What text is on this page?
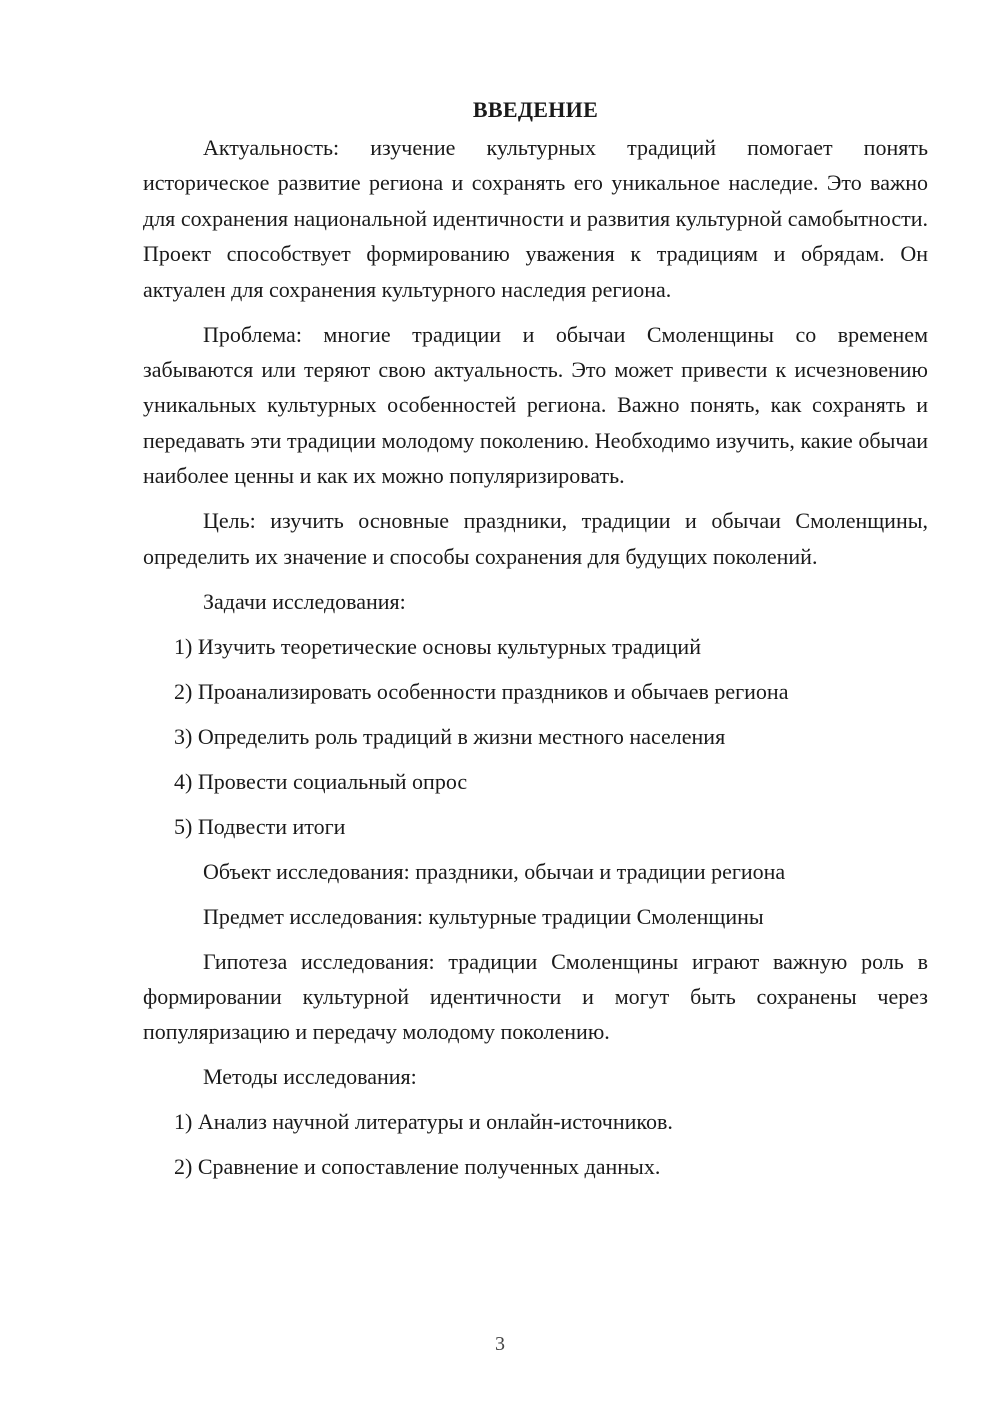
ВВЕДЕНИЕ

Актуальность: изучение культурных традиций помогает понять историческое развитие региона и сохранять его уникальное наследие. Это важно для сохранения национальной идентичности и развития культурной самобытности. Проект способствует формированию уважения к традициям и обрядам. Он актуален для сохранения культурного наследия региона.

Проблема: многие традиции и обычаи Смоленщины со временем забываются или теряют свою актуальность. Это может привести к исчезновению уникальных культурных особенностей региона. Важно понять, как сохранять и передавать эти традиции молодому поколению. Необходимо изучить, какие обычаи наиболее ценны и как их можно популяризировать.

Цель: изучить основные праздники, традиции и обычаи Смоленщины, определить их значение и способы сохранения для будущих поколений.

Задачи исследования:
1) Изучить теоретические основы культурных традиций
2) Проанализировать особенности праздников и обычаев региона
3) Определить роль традиций в жизни местного населения
4) Провести социальный опрос
5) Подвести итоги
Объект исследования: праздники, обычаи и традиции региона
Предмет исследования: культурные традиции Смоленщины

Гипотеза исследования: традиции Смоленщины играют важную роль в формировании культурной идентичности и могут быть сохранены через популяризацию и передачу молодому поколению.

Методы исследования:
1) Анализ научной литературы и онлайн-источников.
2) Сравнение и сопоставление полученных данных.
3
